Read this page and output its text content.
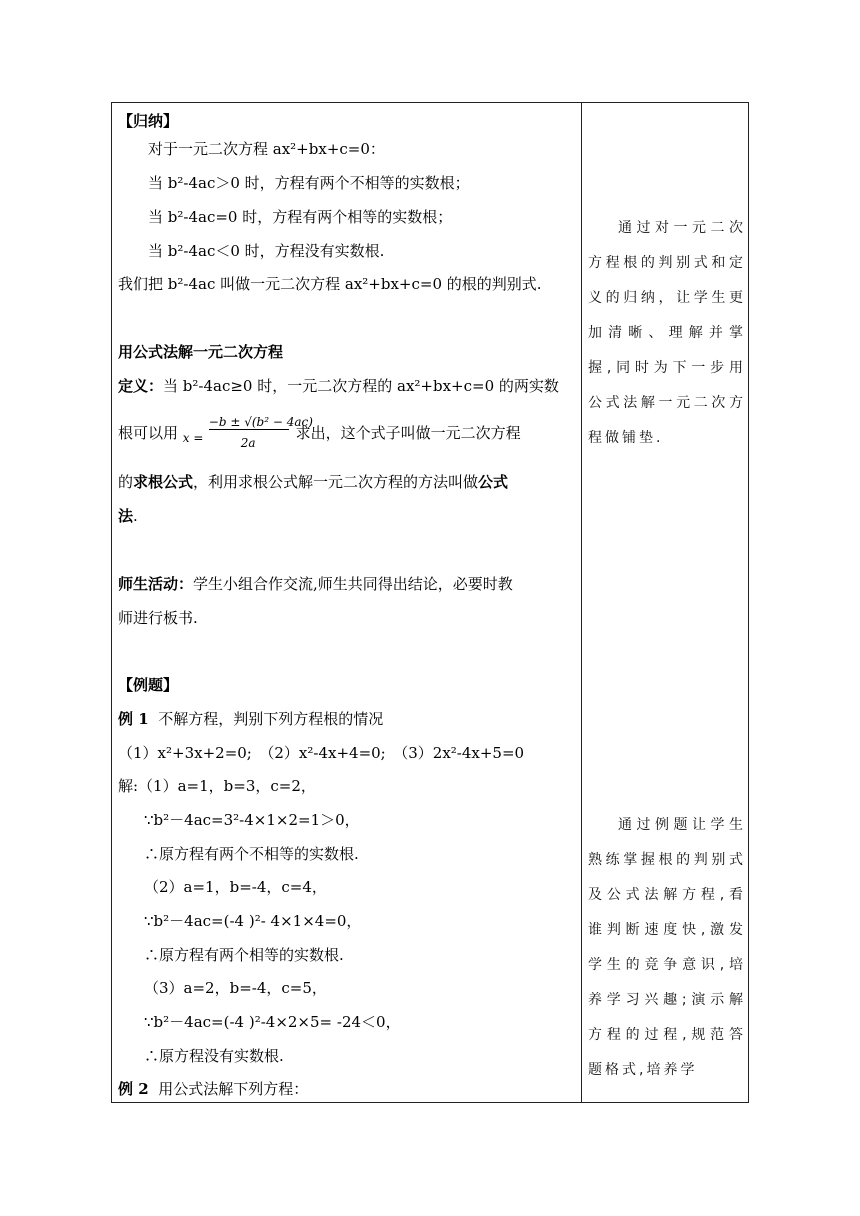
【归纳】
对于一元二次方程 ax²+bx+c=0：
当 b²-4ac＞0 时，方程有两个不相等的实数根；
当 b²-4ac=0 时，方程有两个相等的实数根；
当 b²-4ac＜0 时，方程没有实数根.
我们把 b²-4ac 叫做一元二次方程 ax²+bx+c=0 的根的判别式.
用公式法解一元二次方程
定义：当 b²-4ac≥0 时，一元二次方程的 ax²+bx+c=0 的两实数
根可以用 x =
−b ± √(b² − 4ac)
2a
求出，这个式子叫做一元二次方程
的求根公式，利用求根公式解一元二次方程的方法叫做公式
法.
师生活动：学生小组合作交流,师生共同得出结论，必要时教
师进行板书.
【例题】
例 1 不解方程，判别下列方程根的情况
（1）x²+3x+2=0;　（2）x²-4x+4=0;　（3）2x²-4x+5=0
解:（1）a=1，b=3，c=2，
∵b²－4ac=3²-4×1×2=1＞0，
∴原方程有两个不相等的实数根.
（2）a=1，b=-4，c=4，
∵b²－4ac=(-4 )²- 4×1×4=0，
∴原方程有两个相等的实数根.
（3）a=2，b=-4，c=5，
∵b²－4ac=(-4 )²-4×2×5= -24＜0，
∴原方程没有实数根.
例 2 用公式法解下列方程：

通过对一元二次方程根的判别式和定义的归纳，让学生更加清晰、理解并掌握,同时为下一步用公式法解一元二次方程做铺垫.

通过例题让学生熟练掌握根的判别式及公式法解方程,看谁判断速度快,激发学生的竞争意识,培养学习兴趣;演示解方程的过程,规范答题格式,培养学
